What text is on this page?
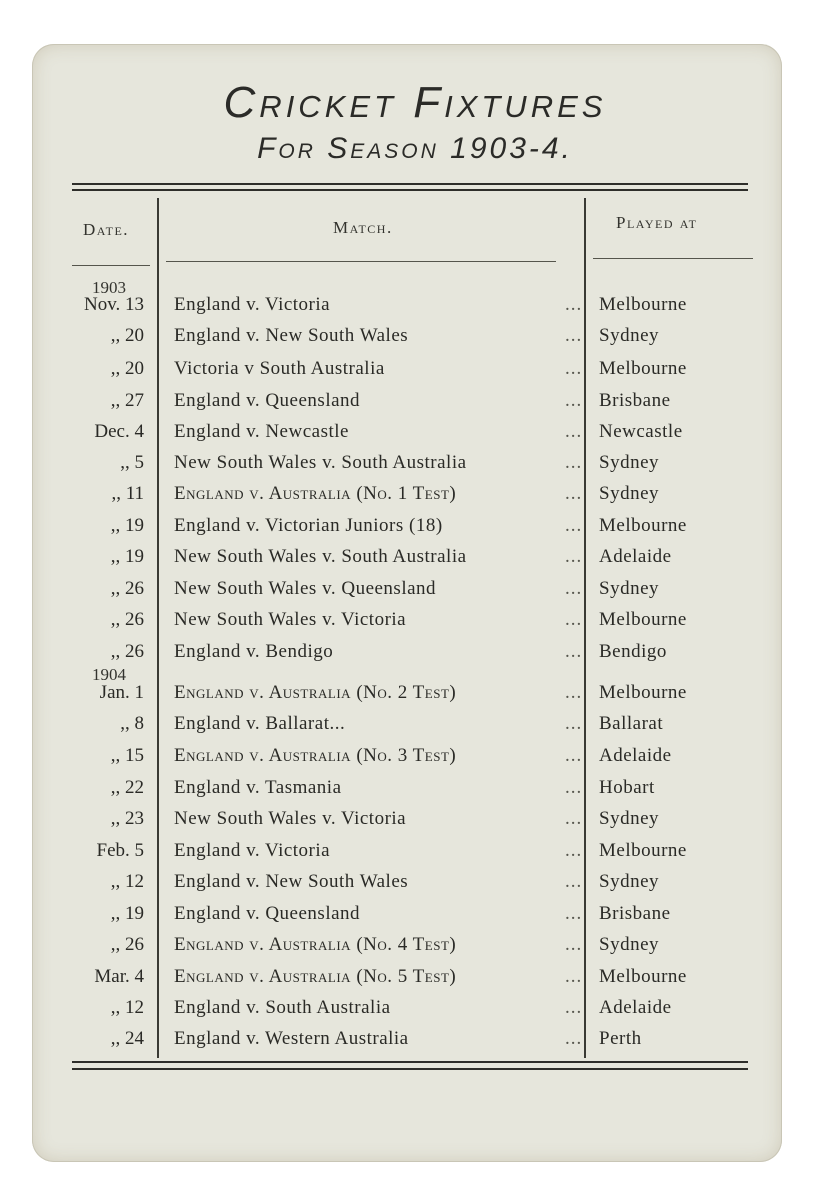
Cricket Fixtures
For Season 1903-4.
Date.	Match.	Played at
1903
1904
Nov. 13 England v. Victoria	... Melbourne
,, 20 England v. New South Wales	... Sydney
,, 20 Victoria v South Australia	... Melbourne
,, 27 England v. Queensland	... Brisbane
Dec. 4 England v. Newcastle	... Newcastle
,, 5 New South Wales v. South Australia	... Sydney
,, 11 England v. Australia (No. 1 Test)	... Sydney
,, 19 England v. Victorian Juniors (18)	... Melbourne
,, 19 New South Wales v. South Australia	... Adelaide
,, 26 New South Wales v. Queensland	... Sydney
,, 26 New South Wales v. Victoria	... Melbourne
,, 26 England v. Bendigo	... Bendigo
Jan. 1 England v. Australia (No. 2 Test)	... Melbourne
,, 8 England v. Ballarat...	... Ballarat
,, 15 England v. Australia (No. 3 Test)	... Adelaide
,, 22 England v. Tasmania	... Hobart
,, 23 New South Wales v. Victoria	... Sydney
Feb. 5 England v. Victoria	... Melbourne
,, 12 England v. New South Wales	... Sydney
,, 19 England v. Queensland	... Brisbane
,, 26 England v. Australia (No. 4 Test)	... Sydney
Mar. 4 England v. Australia (No. 5 Test)	... Melbourne
,, 12 England v. South Australia	... Adelaide
,, 24 England v. Western Australia	... Perth
